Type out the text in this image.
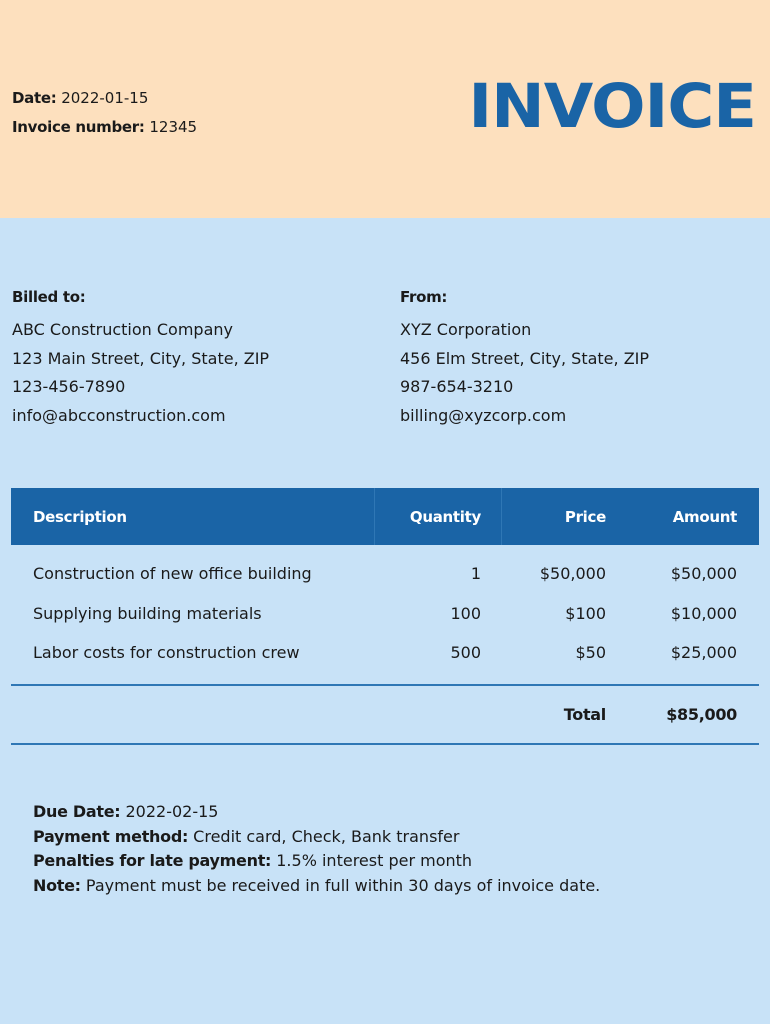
Date: 2022-01-15
Invoice number: 12345	INVOICE
Billed to:
ABC Construction Company
123 Main Street, City, State, ZIP
123-456-7890
info@abcconstruction.com
From:
XYZ Corporation
456 Elm Street, City, State, ZIP
987-654-3210
billing@xyzcorp.com
Description	Quantity	Price	Amount
Construction of new office building	1	$50,000	$50,000
Supplying building materials	100	$100	$10,000
Labor costs for construction crew	500	$50	$25,000
Total	$85,000
Due Date: 2022-02-15
Payment method: Credit card, Check, Bank transfer
Penalties for late payment: 1.5% interest per month
Note: Payment must be received in full within 30 days of invoice date.
